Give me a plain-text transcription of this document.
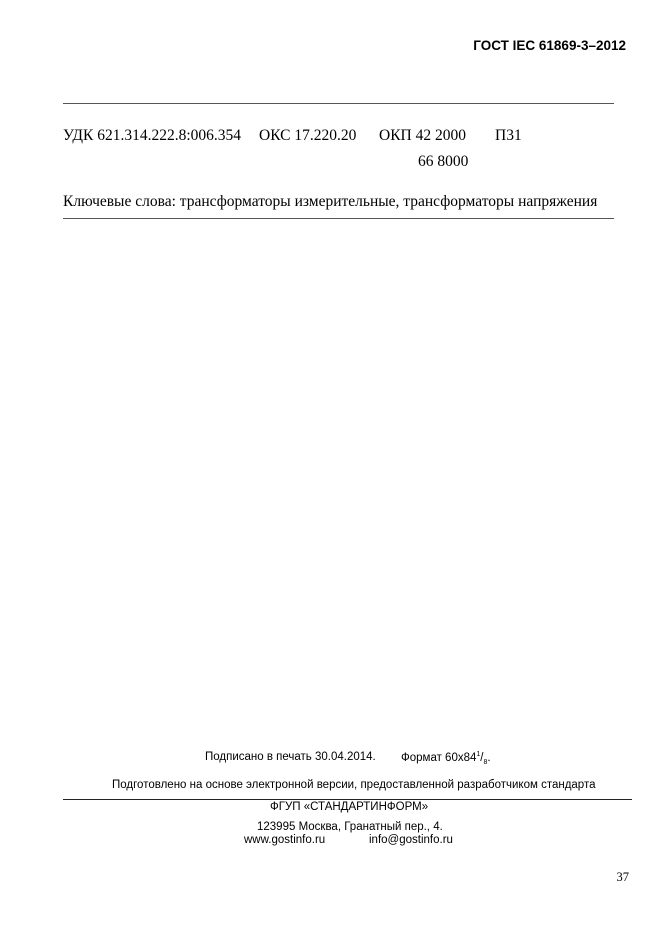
ГОСТ IEC 61869-3–2012
УДК 621.314.222.8:006.354 ОКС 17.220.20 ОКП 42 2000 П31
66 8000
Ключевые слова: трансформаторы измерительные, трансформаторы напряжения
Подписано в печать 30.04.2014. Формат $60x84^1/_8$.
Подготовлено на основе электронной версии, предоставленной разработчиком стандарта
ФГУП «СТАНДАРТИНФОРМ»
123995 Москва, Гранатный пер., 4.
www.gostinfo.ru	info@gostinfo.ru
37
